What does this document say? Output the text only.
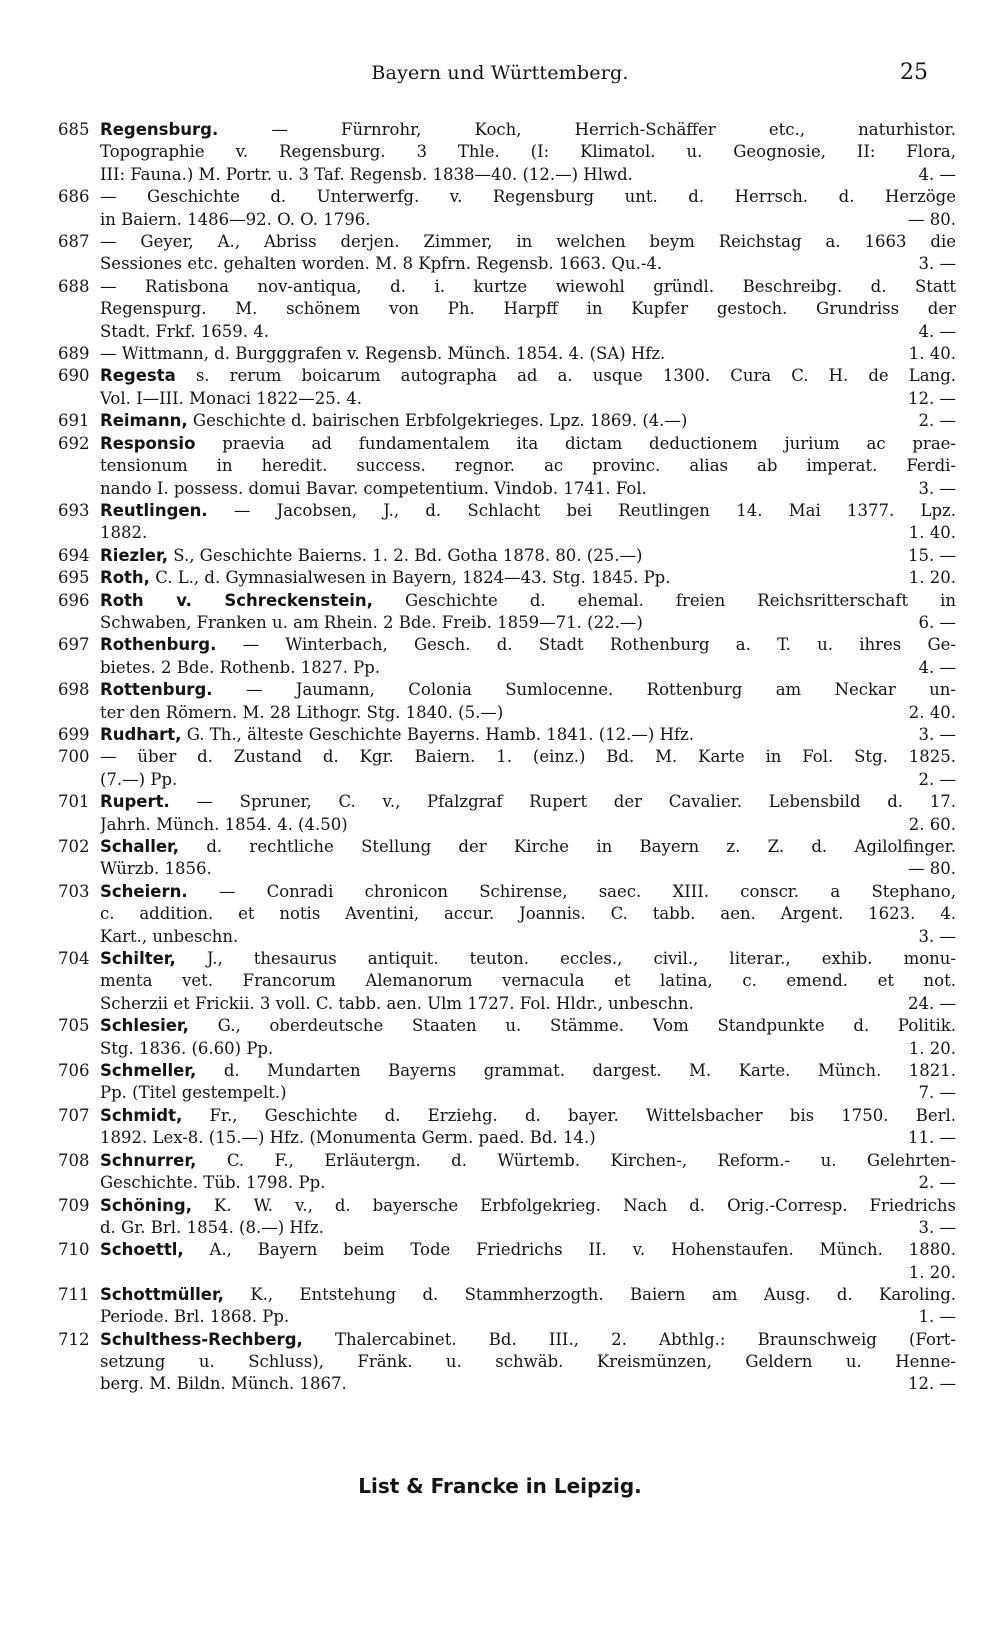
Bayern und Württemberg.	25
685 Regensburg.	— Fürnrohr, Koch, Herrich-Schäffer etc., naturhistor.
Topographie v. Regensburg. 3 Thle. (I: Klimatol. u. Geognosie, II: Flora,
III: Fauna.) M. Portr. u. 3 Taf. Regensb. 1838—40. (12.—) Hlwd.	4. —
686 — Geschichte d. Unterwerfg. v. Regensburg unt. d. Herrsch. d. Herzöge
in Baiern. 1486—92. O. O. 1796.	— 80.
687 — Geyer, A., Abriss derjen. Zimmer, in welchen beym Reichstag a. 1663 die
Sessiones etc. gehalten worden. M. 8 Kpfrn. Regensb. 1663. Qu.-4.	3. —
688 — Ratisbona nov-antiqua, d. i. kurtze wiewohl gründl. Beschreibg. d. Statt
Regenspurg. M. schönem von Ph. Harpff in Kupfer gestoch. Grundriss der
Stadt. Frkf. 1659. 4.	4. —
689 — Wittmann, d. Burgggrafen v. Regensb. Münch. 1854. 4. (SA) Hfz.	1. 40.
690 Regesta s. rerum boicarum autographa ad a. usque 1300. Cura C. H. de Lang.
Vol. I—III. Monaci 1822—25. 4.	12. —
691 Reimann, Geschichte d. bairischen Erbfolgekrieges. Lpz. 1869. (4.—)	2. —
692 Responsio praevia ad fundamentalem ita dictam deductionem jurium ac prae-
tensionum in heredit. success. regnor. ac provinc. alias ab imperat. Ferdi-
nando I. possess. domui Bavar. competentium. Vindob. 1741. Fol.	3. —
693 Reutlingen. — Jacobsen, J., d. Schlacht bei Reutlingen 14. Mai 1377. Lpz.
1882.	1. 40.
694 Riezler, S., Geschichte Baierns. 1. 2. Bd. Gotha 1878. 80. (25.—)	15. —
695 Roth, C. L., d. Gymnasialwesen in Bayern, 1824—43. Stg. 1845. Pp.	1. 20.
696 Roth v. Schreckenstein, Geschichte d. ehemal. freien Reichsritterschaft in
Schwaben, Franken u. am Rhein. 2 Bde. Freib. 1859—71. (22.—)	6. —
697 Rothenburg. — Winterbach, Gesch. d. Stadt Rothenburg a. T. u. ihres Ge-
bietes. 2 Bde. Rothenb. 1827. Pp.	4. —
698 Rottenburg. — Jaumann, Colonia Sumlocenne. Rottenburg am Neckar un-
ter den Römern. M. 28 Lithogr. Stg. 1840. (5.—)	2. 40.
699 Rudhart, G. Th., älteste Geschichte Bayerns. Hamb. 1841. (12.—) Hfz.	3. —
700 — über d. Zustand d. Kgr. Baiern. 1. (einz.) Bd. M. Karte in Fol. Stg. 1825.
(7.—) Pp.	2. —
701 Rupert. — Spruner, C. v., Pfalzgraf Rupert der Cavalier. Lebensbild d. 17.
Jahrh. Münch. 1854. 4. (4.50)	2. 60.
702 Schaller, d. rechtliche Stellung der Kirche in Bayern z. Z. d. Agilolfinger.
Würzb. 1856.	— 80.
703 Scheiern. — Conradi chronicon Schirense, saec. XIII. conscr. a Stephano,
c. addition. et notis Aventini, accur. Joannis. C. tabb. aen. Argent. 1623. 4.
Kart., unbeschn.	3. —
704 Schilter, J., thesaurus antiquit. teuton. eccles., civil., literar., exhib. monu-
menta vet. Francorum Alemanorum vernacula et latina, c. emend. et not.
Scherzii et Frickii. 3 voll. C. tabb. aen. Ulm 1727. Fol. Hldr., unbeschn.	24. —
705 Schlesier, G., oberdeutsche Staaten u. Stämme. Vom Standpunkte d. Politik.
Stg. 1836. (6.60) Pp.	1. 20.
706 Schmeller, d. Mundarten Bayerns grammat. dargest. M. Karte. Münch. 1821.
Pp. (Titel gestempelt.)	7. —
707 Schmidt, Fr., Geschichte d. Erziehg. d. bayer. Wittelsbacher bis 1750. Berl.
1892. Lex-8. (15.—) Hfz. (Monumenta Germ. paed. Bd. 14.)	11. —
708 Schnurrer, C. F., Erläutergn. d. Würtemb. Kirchen-, Reform.- u. Gelehrten-
Geschichte. Tüb. 1798. Pp.	2. —
709 Schöning, K. W. v., d. bayersche Erbfolgekrieg. Nach d. Orig.-Corresp. Friedrichs
d. Gr. Brl. 1854. (8.—) Hfz.	3. —
710 Schoettl, A., Bayern beim Tode Friedrichs II. v. Hohenstaufen. Münch. 1880.
1. 20.
711 Schottmüller, K., Entstehung d. Stammherzogth. Baiern am Ausg. d. Karoling.
Periode. Brl. 1868. Pp.	1. —
712 Schulthess-Rechberg, Thalercabinet. Bd. III., 2. Abthlg.: Braunschweig (Fort-
setzung u. Schluss), Fränk. u. schwäb. Kreismünzen, Geldern u. Henne-
berg. M. Bildn. Münch. 1867.	12. —
List & Francke in Leipzig.
